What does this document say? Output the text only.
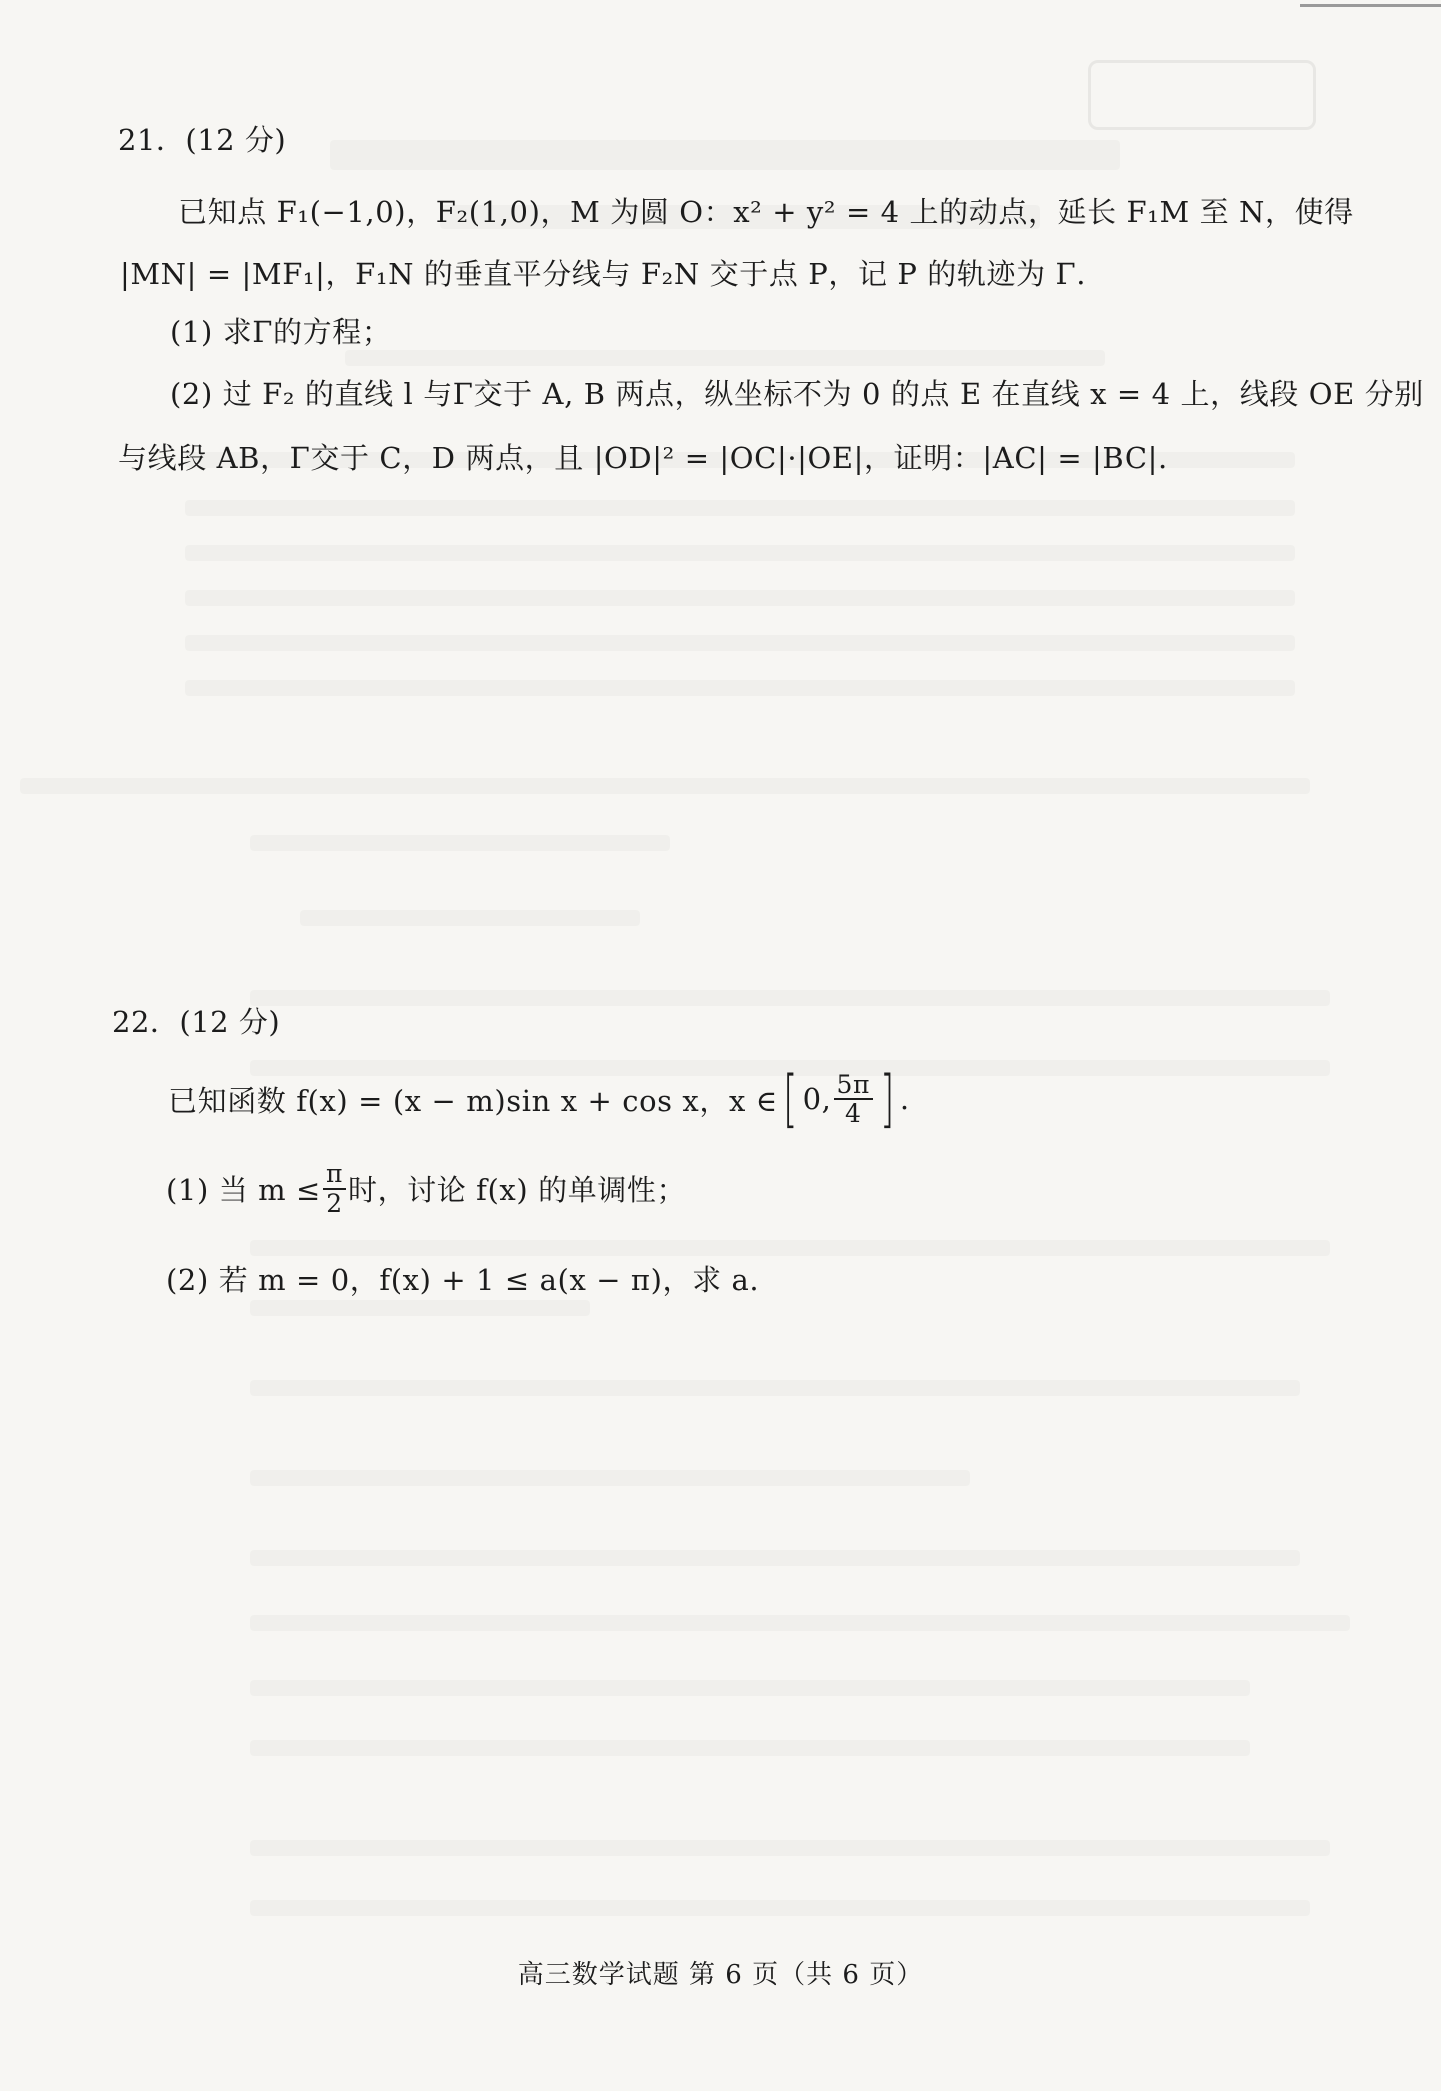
21．(12 分)
已知点 F₁(−1,0)，F₂(1,0)，M 为圆 O：x² + y² = 4 上的动点，延长 F₁M 至 N，使得
|MN| = |MF₁|，F₁N 的垂直平分线与 F₂N 交于点 P，记 P 的轨迹为 Γ.
(1) 求Γ的方程；
(2) 过 F₂ 的直线 l 与Γ交于 A, B 两点，纵坐标不为 0 的点 E 在直线 x = 4 上，线段 OE 分别
与线段 AB，Γ交于 C，D 两点，且 |OD|² = |OC|·|OE|，证明：|AC| = |BC|.
22．(12 分)
已知函数 f(x) = (x − m)sin x + cos x，x ∈ [ 0, $\frac{5\pi}{4}$ ] .
(1) 当 $m \le \frac{\pi}{2}$ 时，讨论 f(x) 的单调性；
(2) 若 m = 0，f(x) + 1 ≤ a(x − π)，求 a.
高三数学试题 第 6 页（共 6 页）
